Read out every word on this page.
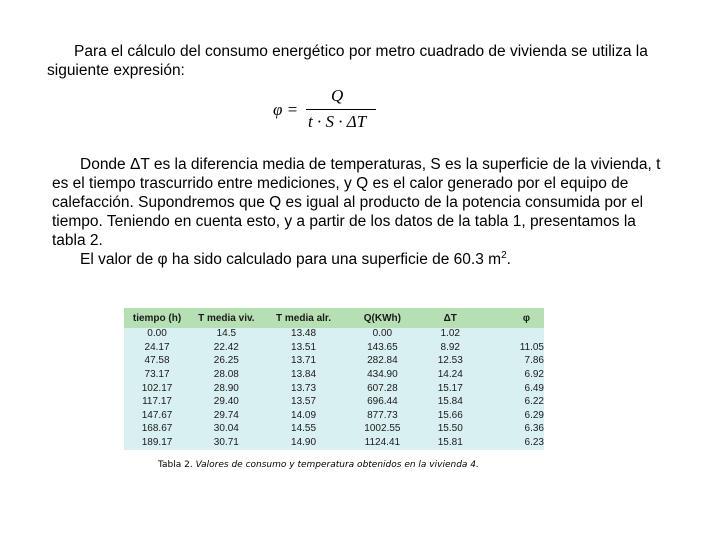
Para el cálculo del consumo energético por metro cuadrado de vivienda se utiliza la siguiente expresión:
φ =
Q
t · S · ΔT
Donde ΔT es la diferencia media de temperaturas, S es la superficie de la vivienda, t es el tiempo trascurrido entre mediciones, y Q es el calor generado por el equipo de calefacción. Supondremos que Q es igual al producto de la potencia consumida por el tiempo. Teniendo en cuenta esto, y a partir de los datos de la tabla 1, presentamos la tabla 2.
El valor de φ ha sido calculado para una superficie de 60.3 $m^2$.
tiempo (h)	T media viv.	T media alr.	Q(KWh)	ΔT	φ
0.00	14.5	13.48	0.00	1.02	
24.17	22.42	13.51	143.65	8.92	11.05
47.58	26.25	13.71	282.84	12.53	7.86
73.17	28.08	13.84	434.90	14.24	6.92
102.17	28.90	13.73	607.28	15.17	6.49
117.17	29.40	13.57	696.44	15.84	6.22
147.67	29.74	14.09	877.73	15.66	6.29
168.67	30.04	14.55	1002.55	15.50	6.36
189.17	30.71	14.90	1124.41	15.81	6.23
Tabla 2. Valores de consumo y temperatura obtenidos en la vivienda 4.
